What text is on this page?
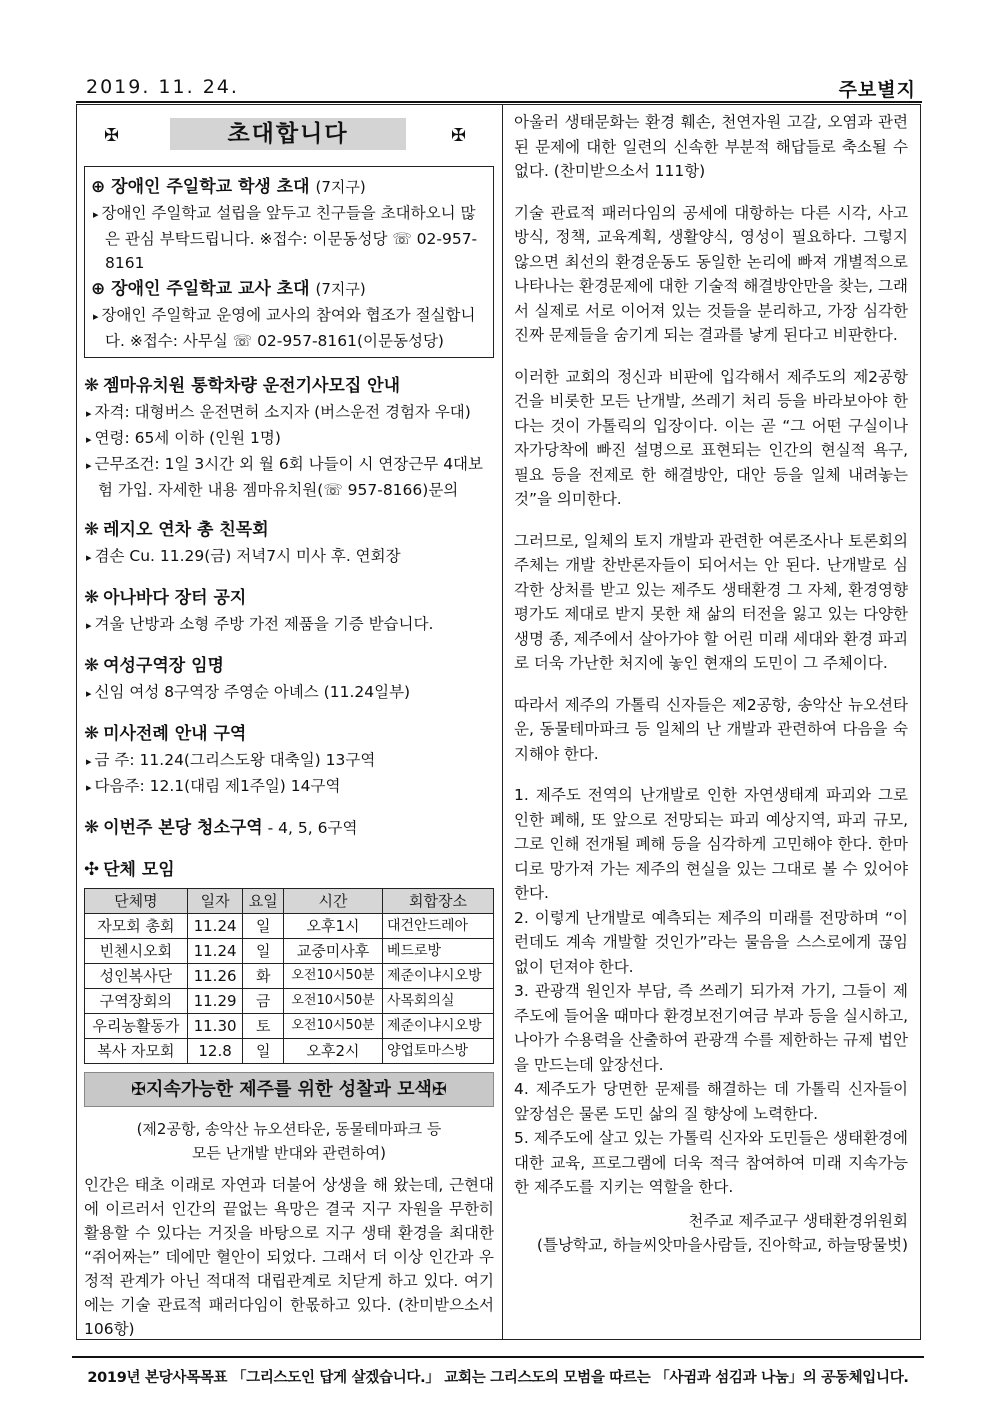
2019. 11. 24.	주보별지
✠	초대합니다	✠
⊕ 장애인 주일학교 학생 초대 (7지구)
▸ 장애인 주일학교 설립을 앞두고 친구들을 초대하오니 많은 관심 부탁드립니다. ※접수: 이문동성당 ☏ 02-957-8161
⊕ 장애인 주일학교 교사 초대 (7지구)
▸ 장애인 주일학교 운영에 교사의 참여와 협조가 절실합니다. ※접수: 사무실 ☏ 02-957-8161(이문동성당)
❋ 젬마유치원 통학차량 운전기사모집 안내
▸ 자격: 대형버스 운전면허 소지자 (버스운전 경험자 우대)
▸ 연령: 65세 이하 (인원 1명)
▸ 근무조건: 1일 3시간 외 월 6회 나들이 시 연장근무 4대보험 가입. 자세한 내용 젬마유치원(☏ 957-8166)문의
❋ 레지오 연차 총 친목회
▸ 겸손 Cu. 11.29(금) 저녁7시 미사 후. 연회장
❋ 아나바다 장터 공지
▸ 겨울 난방과 소형 주방 가전 제품을 기증 받습니다.
❋ 여성구역장 임명
▸ 신임 여성 8구역장 주영순 아녜스 (11.24일부)
❋ 미사전례 안내 구역
▸ 금 주: 11.24(그리스도왕 대축일) 13구역
▸ 다음주: 12.1(대림 제1주일) 14구역
❋ 이번주 본당 청소구역 - 4, 5, 6구역
✣ 단체 모임
단체명	일자	요일	시간	회합장소
자모회 총회	11.24	일	오후1시	대건안드레아
빈첸시오회	11.24	일	교중미사후	베드로방
성인복사단	11.26	화	오전10시50분	제준이냐시오방
구역장회의	11.29	금	오전10시50분	사목회의실
우리농활동가	11.30	토	오전10시50분	제준이냐시오방
복사 자모회	12.8	일	오후2시	양업토마스방
✠지속가능한 제주를 위한 성찰과 모색✠
(제2공항, 송악산 뉴오션타운, 동물테마파크 등
모든 난개발 반대와 관련하여)
인간은 태초 이래로 자연과 더불어 상생을 해 왔는데, 근현대에 이르러서 인간의 끝없는 욕망은 결국 지구 자원을 무한히 활용할 수 있다는 거짓을 바탕으로 지구 생태 환경을 최대한 “쥐어짜는” 데에만 혈안이 되었다. 그래서 더 이상 인간과 우정적 관계가 아닌 적대적 대립관계로 치닫게 하고 있다. 여기에는 기술 관료적 패러다임이 한몫하고 있다. (찬미받으소서 106항)
아울러 생태문화는 환경 훼손, 천연자원 고갈, 오염과 관련된 문제에 대한 일련의 신속한 부분적 해답들로 축소될 수 없다. (찬미받으소서 111항)
기술 관료적 패러다임의 공세에 대항하는 다른 시각, 사고방식, 정책, 교육계획, 생활양식, 영성이 필요하다. 그렇지 않으면 최선의 환경운동도 동일한 논리에 빠져 개별적으로 나타나는 환경문제에 대한 기술적 해결방안만을 찾는, 그래서 실제로 서로 이어져 있는 것들을 분리하고, 가장 심각한 진짜 문제들을 숨기게 되는 결과를 낳게 된다고 비판한다.
이러한 교회의 정신과 비판에 입각해서 제주도의 제2공항 건을 비롯한 모든 난개발, 쓰레기 처리 등을 바라보아야 한다는 것이 가톨릭의 입장이다. 이는 곧 “그 어떤 구실이나 자가당착에 빠진 설명으로 표현되는 인간의 현실적 욕구, 필요 등을 전제로 한 해결방안, 대안 등을 일체 내려놓는 것”을 의미한다.
그러므로, 일체의 토지 개발과 관련한 여론조사나 토론회의 주체는 개발 찬반론자들이 되어서는 안 된다. 난개발로 심각한 상처를 받고 있는 제주도 생태환경 그 자체, 환경영향평가도 제대로 받지 못한 채 삶의 터전을 잃고 있는 다양한 생명 종, 제주에서 살아가야 할 어린 미래 세대와 환경 파괴로 더욱 가난한 처지에 놓인 현재의 도민이 그 주체이다.
따라서 제주의 가톨릭 신자들은 제2공항, 송악산 뉴오션타운, 동물테마파크 등 일체의 난 개발과 관련하여 다음을 숙지해야 한다.
1. 제주도 전역의 난개발로 인한 자연생태계 파괴와 그로 인한 폐해, 또 앞으로 전망되는 파괴 예상지역, 파괴 규모, 그로 인해 전개될 폐해 등을 심각하게 고민해야 한다. 한마디로 망가져 가는 제주의 현실을 있는 그대로 볼 수 있어야 한다.
2. 이렇게 난개발로 예측되는 제주의 미래를 전망하며 “이런데도 계속 개발할 것인가”라는 물음을 스스로에게 끊임없이 던져야 한다.
3. 관광객 원인자 부담, 즉 쓰레기 되가져 가기, 그들이 제주도에 들어올 때마다 환경보전기여금 부과 등을 실시하고, 나아가 수용력을 산출하여 관광객 수를 제한하는 규제 법안을 만드는데 앞장선다.
4. 제주도가 당면한 문제를 해결하는 데 가톨릭 신자들이 앞장섬은 물론 도민 삶의 질 향상에 노력한다.
5. 제주도에 살고 있는 가톨릭 신자와 도민들은 생태환경에 대한 교육, 프로그램에 더욱 적극 참여하여 미래 지속가능한 제주도를 지키는 역할을 한다.
천주교 제주교구 생태환경위원회
(틀낭학교, 하늘씨앗마을사람들, 진아학교, 하늘땅물벗)
2019년 본당사목목표 「그리스도인 답게 살겠습니다.」 교회는 그리스도의 모범을 따르는 「사귐과 섬김과 나눔」의 공동체입니다.
